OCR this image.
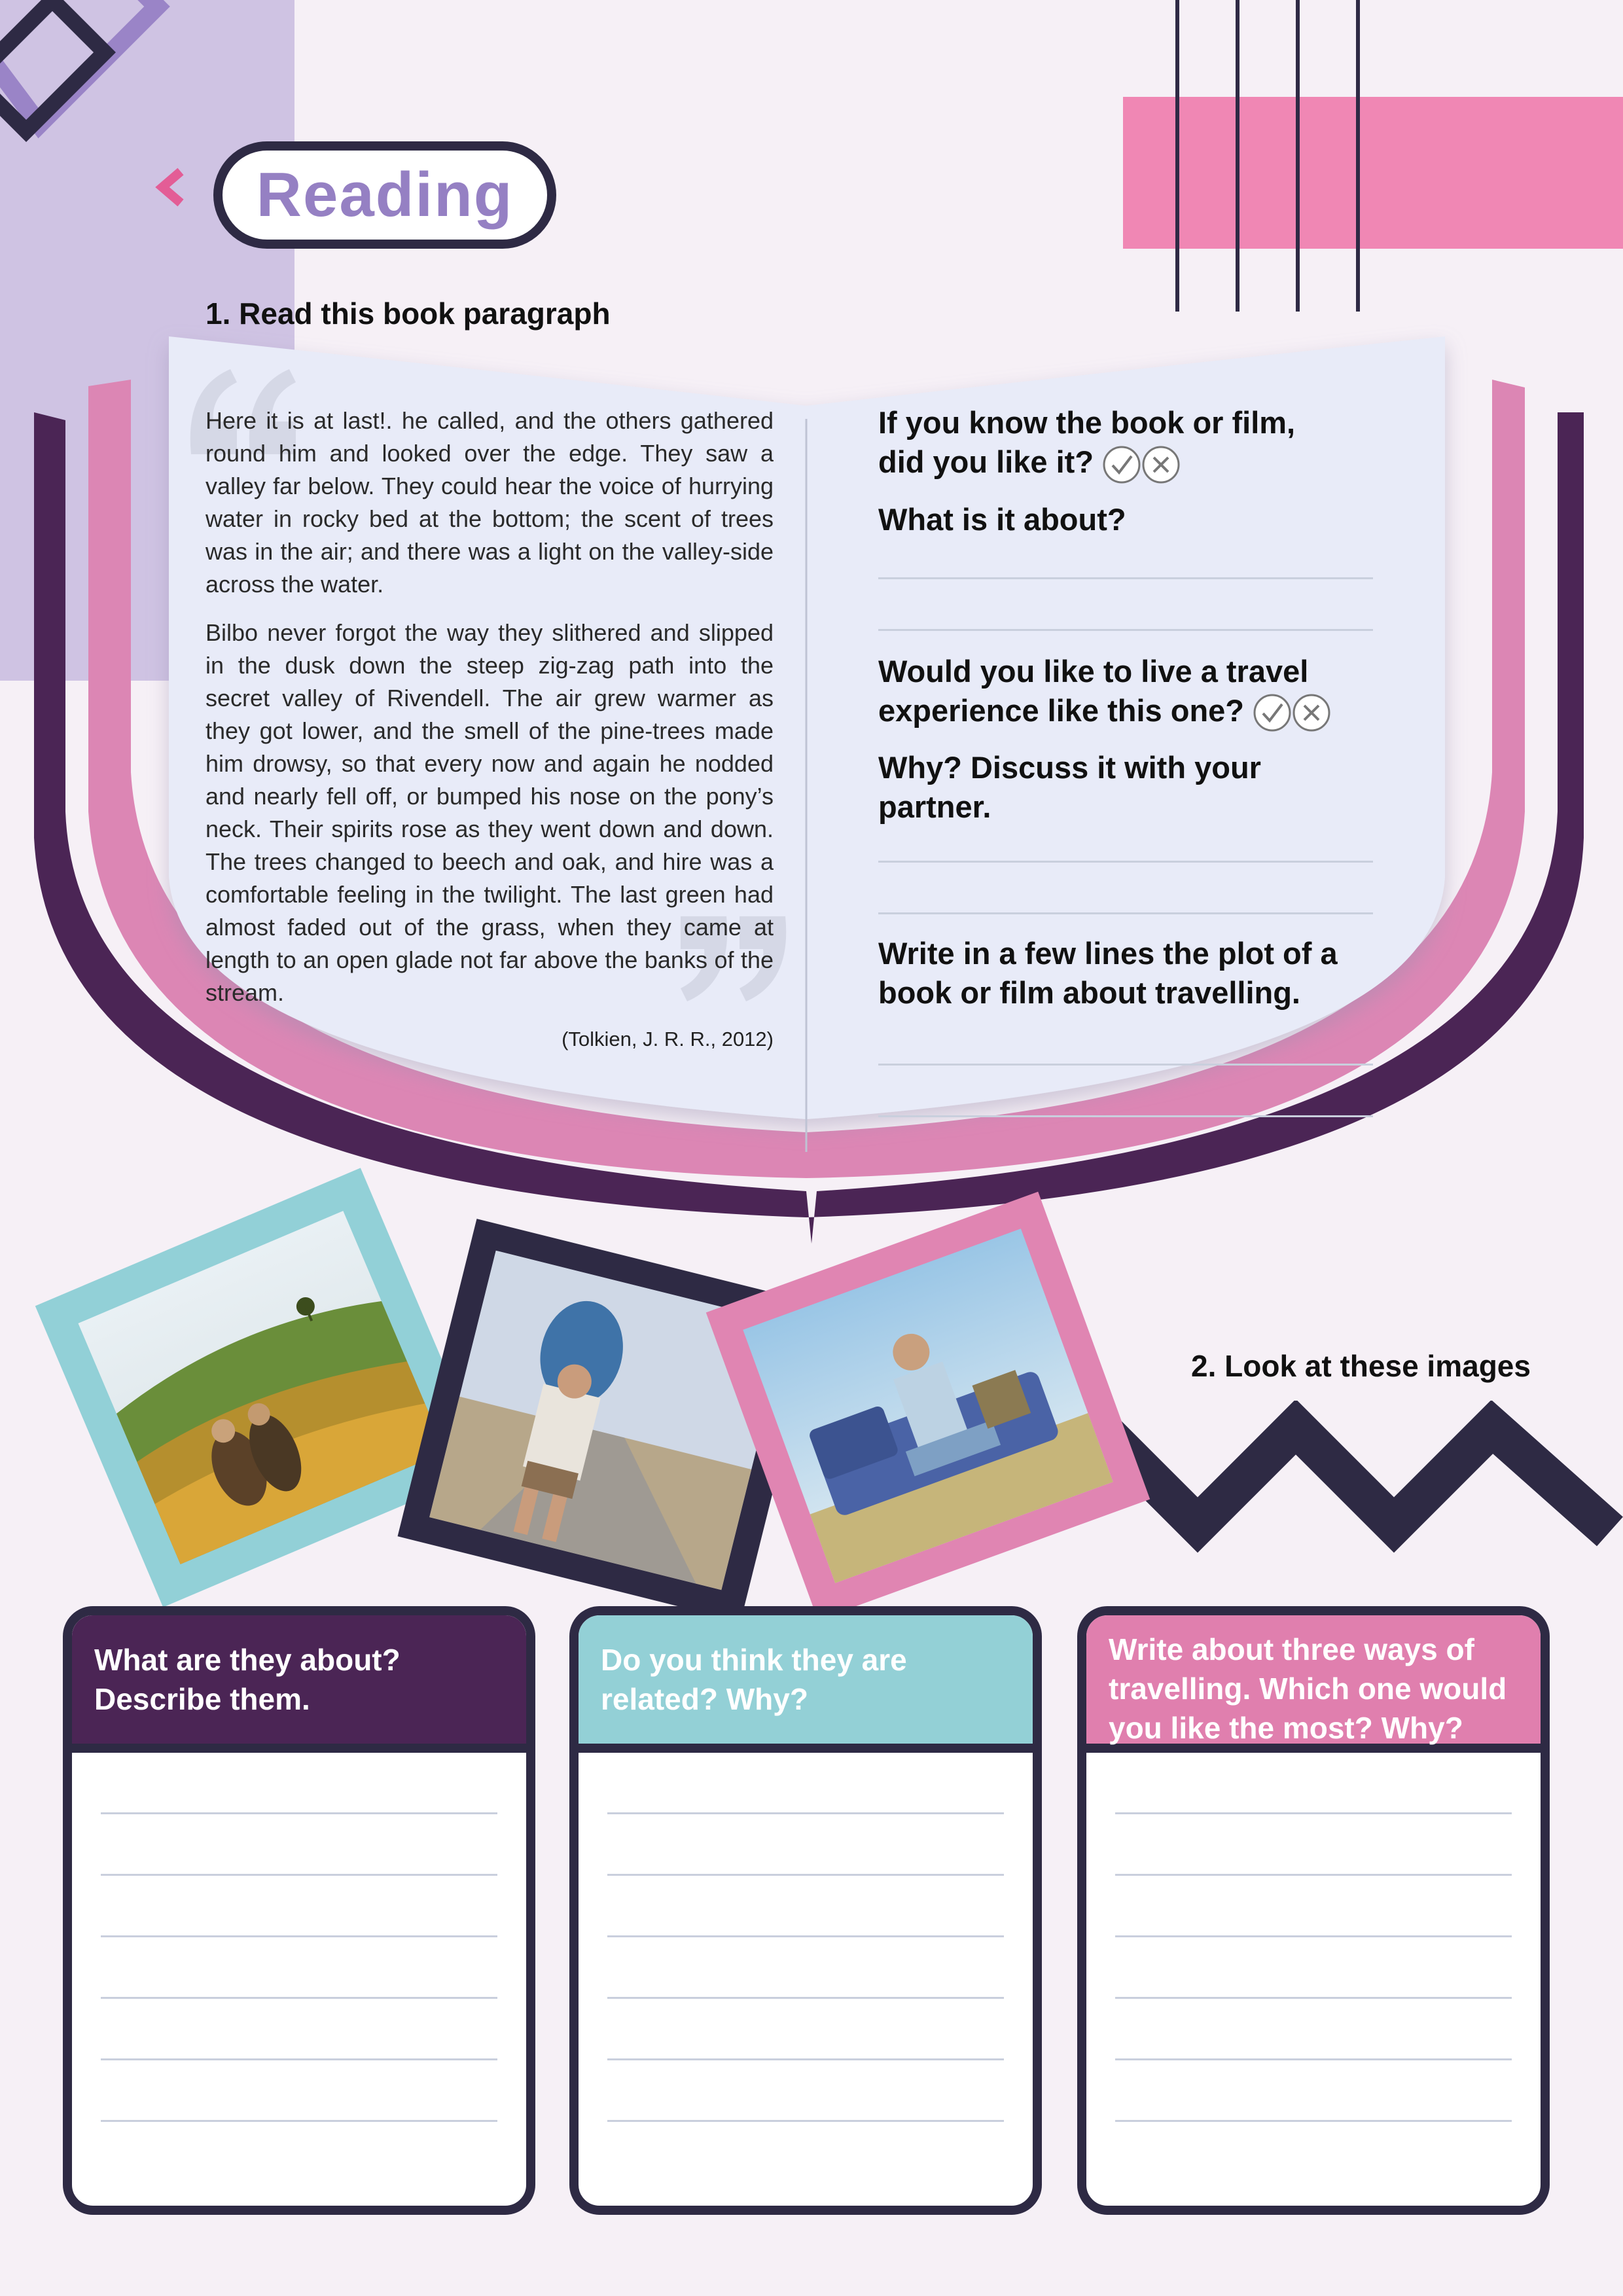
Reading
1. Read this book paragraph

Here it is at last!. he called, and the others gathered round him and looked over the edge. They saw a valley far below. They could hear the voice of hurrying water in rocky bed at the bottom; the scent of trees was in the air; and there was a light on the valley-side across the water.

Bilbo never forgot the way they slithered and slipped in the dusk down the steep zig-zag path into the secret valley of Rivendell. The air grew warmer as they got lower, and the smell of the pine-trees made him drowsy, so that every now and again he nodded and nearly fell off, or bumped his nose on the pony’s neck. Their spirits rose as they went down and down. The trees changed to beech and oak, and hire was a comfortable feeling in the twilight. The last green had almost faded out of the grass, when they came at length to an open glade not far above the banks of the stream.

(Tolkien, J. R. R., 2012)

If you know the book or film,

did you like it?

What is it about?

Would you like to live a travel

experience like this one?

Why? Discuss it with your partner.

Write in a few lines the plot of a

book or film about travelling.

2. Look at these images

What are they about?

Describe them.

Do you think they are

related? Why?

Write about three ways of

travelling. Which one would

you like the most? Why?
